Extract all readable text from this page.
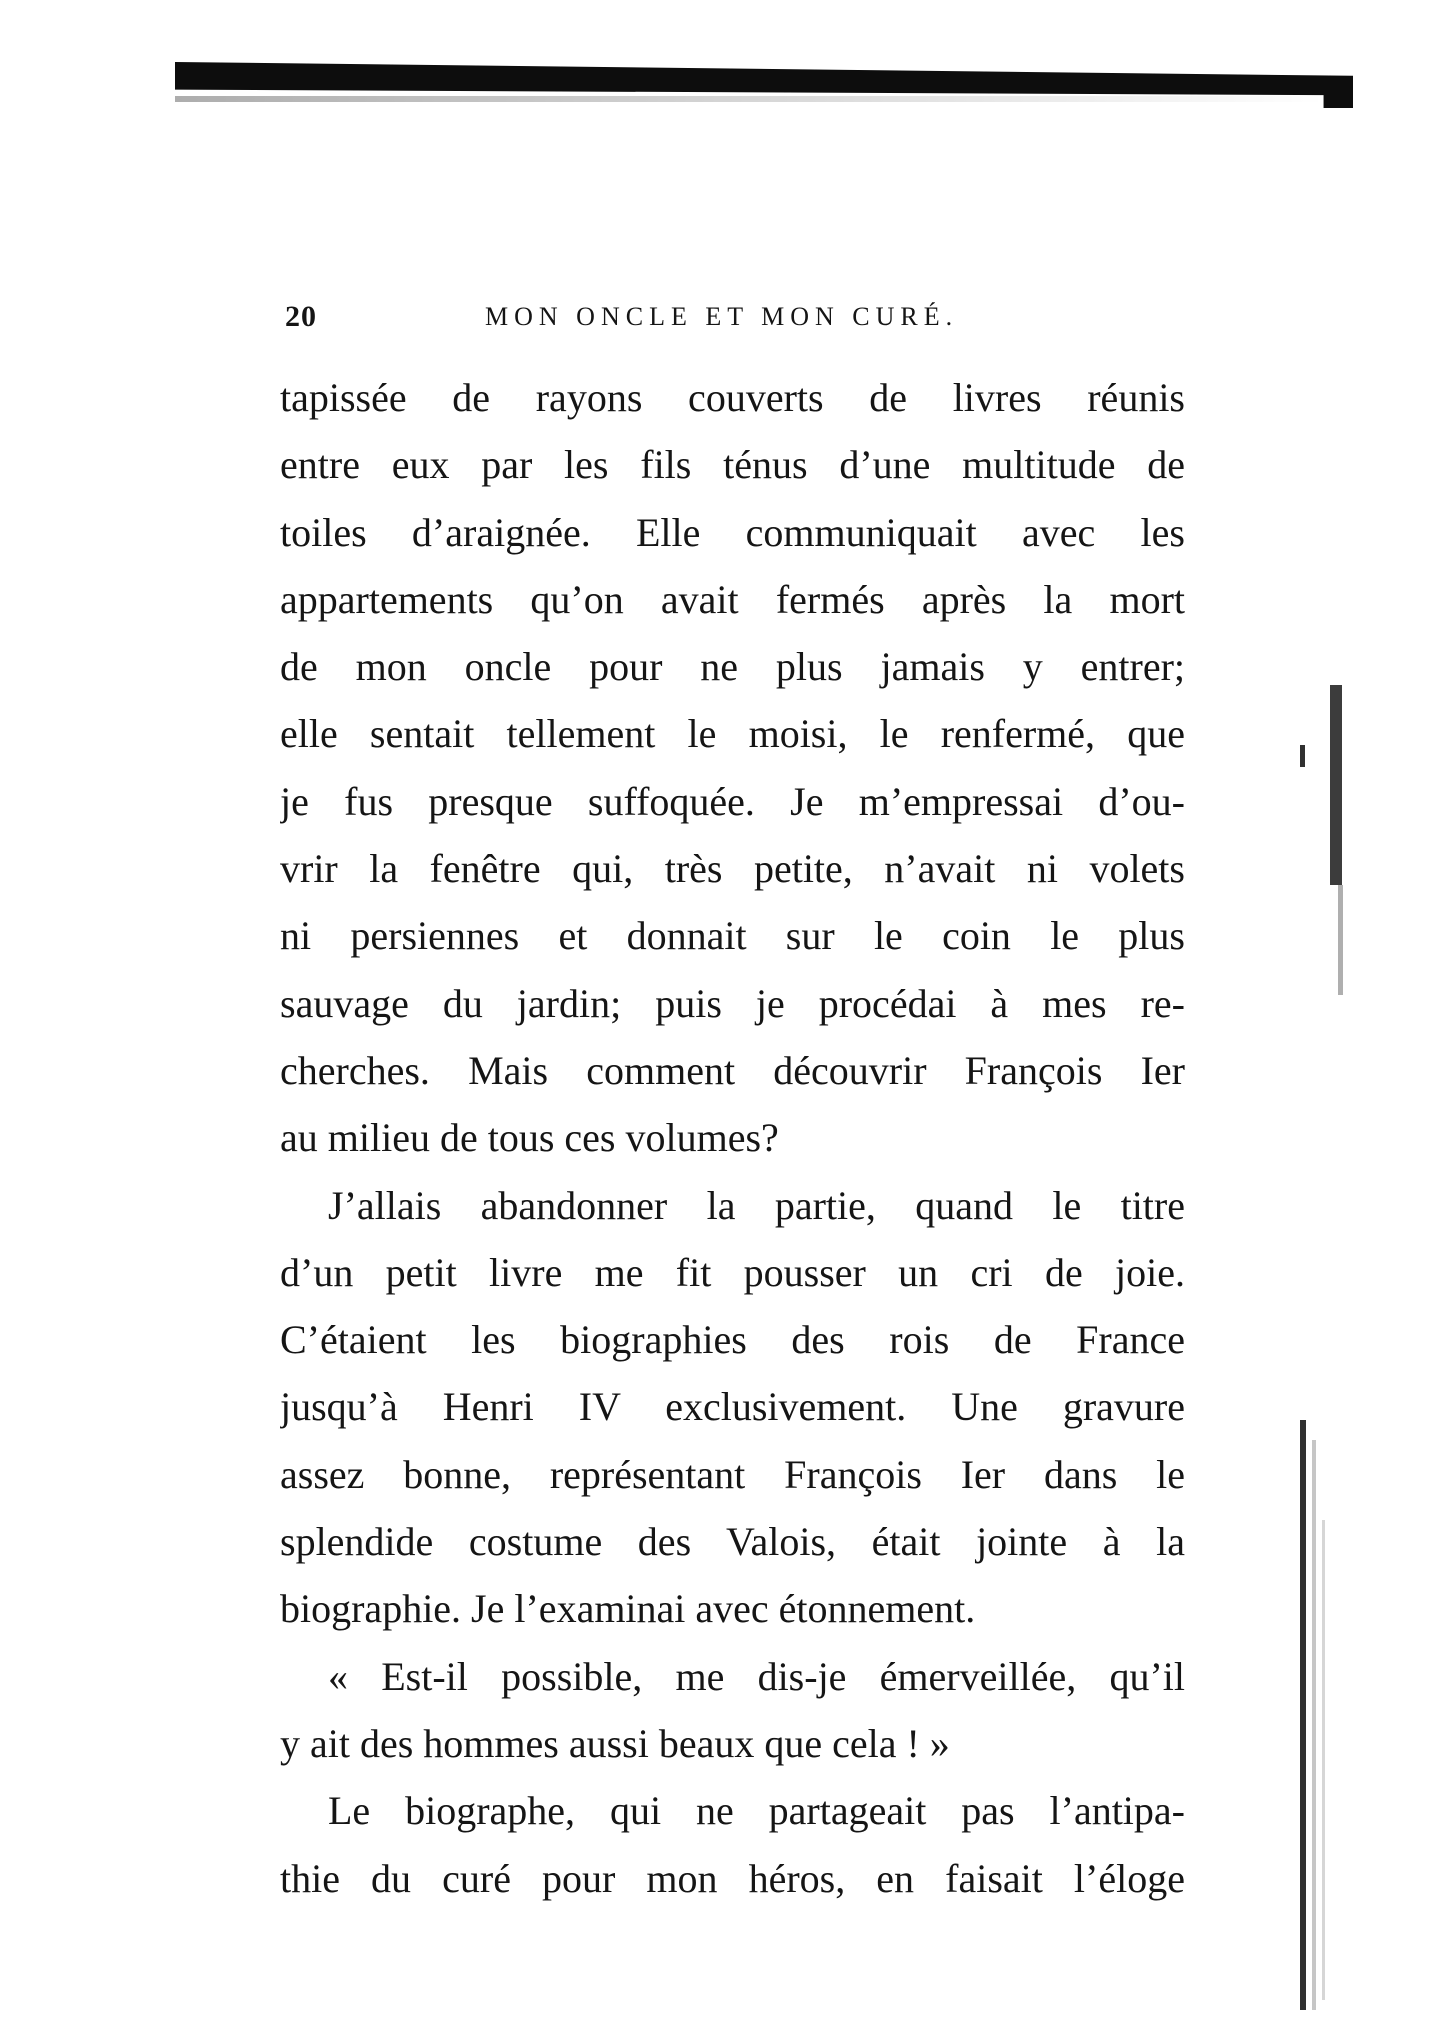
20	MON ONCLE ET MON CURÉ.
tapissée de rayons couverts de livres réunis
entre eux par les fils ténus d’une multitude de
toiles d’araignée. Elle communiquait avec les
appartements qu’on avait fermés après la mort
de mon oncle pour ne plus jamais y entrer;
elle sentait tellement le moisi, le renfermé, que
je fus presque suffoquée. Je m’empressai d’ou-
vrir la fenêtre qui, très petite, n’avait ni volets
ni persiennes et donnait sur le coin le plus
sauvage du jardin; puis je procédai à mes re-
cherches. Mais comment découvrir François Ier
au milieu de tous ces volumes?
J’allais abandonner la partie, quand le titre
d’un petit livre me fit pousser un cri de joie.
C’étaient les biographies des rois de France
jusqu’à Henri IV exclusivement. Une gravure
assez bonne, représentant François Ier dans le
splendide costume des Valois, était jointe à la
biographie. Je l’examinai avec étonnement.
« Est-il possible, me dis-je émerveillée, qu’il
y ait des hommes aussi beaux que cela ! »
Le biographe, qui ne partageait pas l’antipa-
thie du curé pour mon héros, en faisait l’éloge
